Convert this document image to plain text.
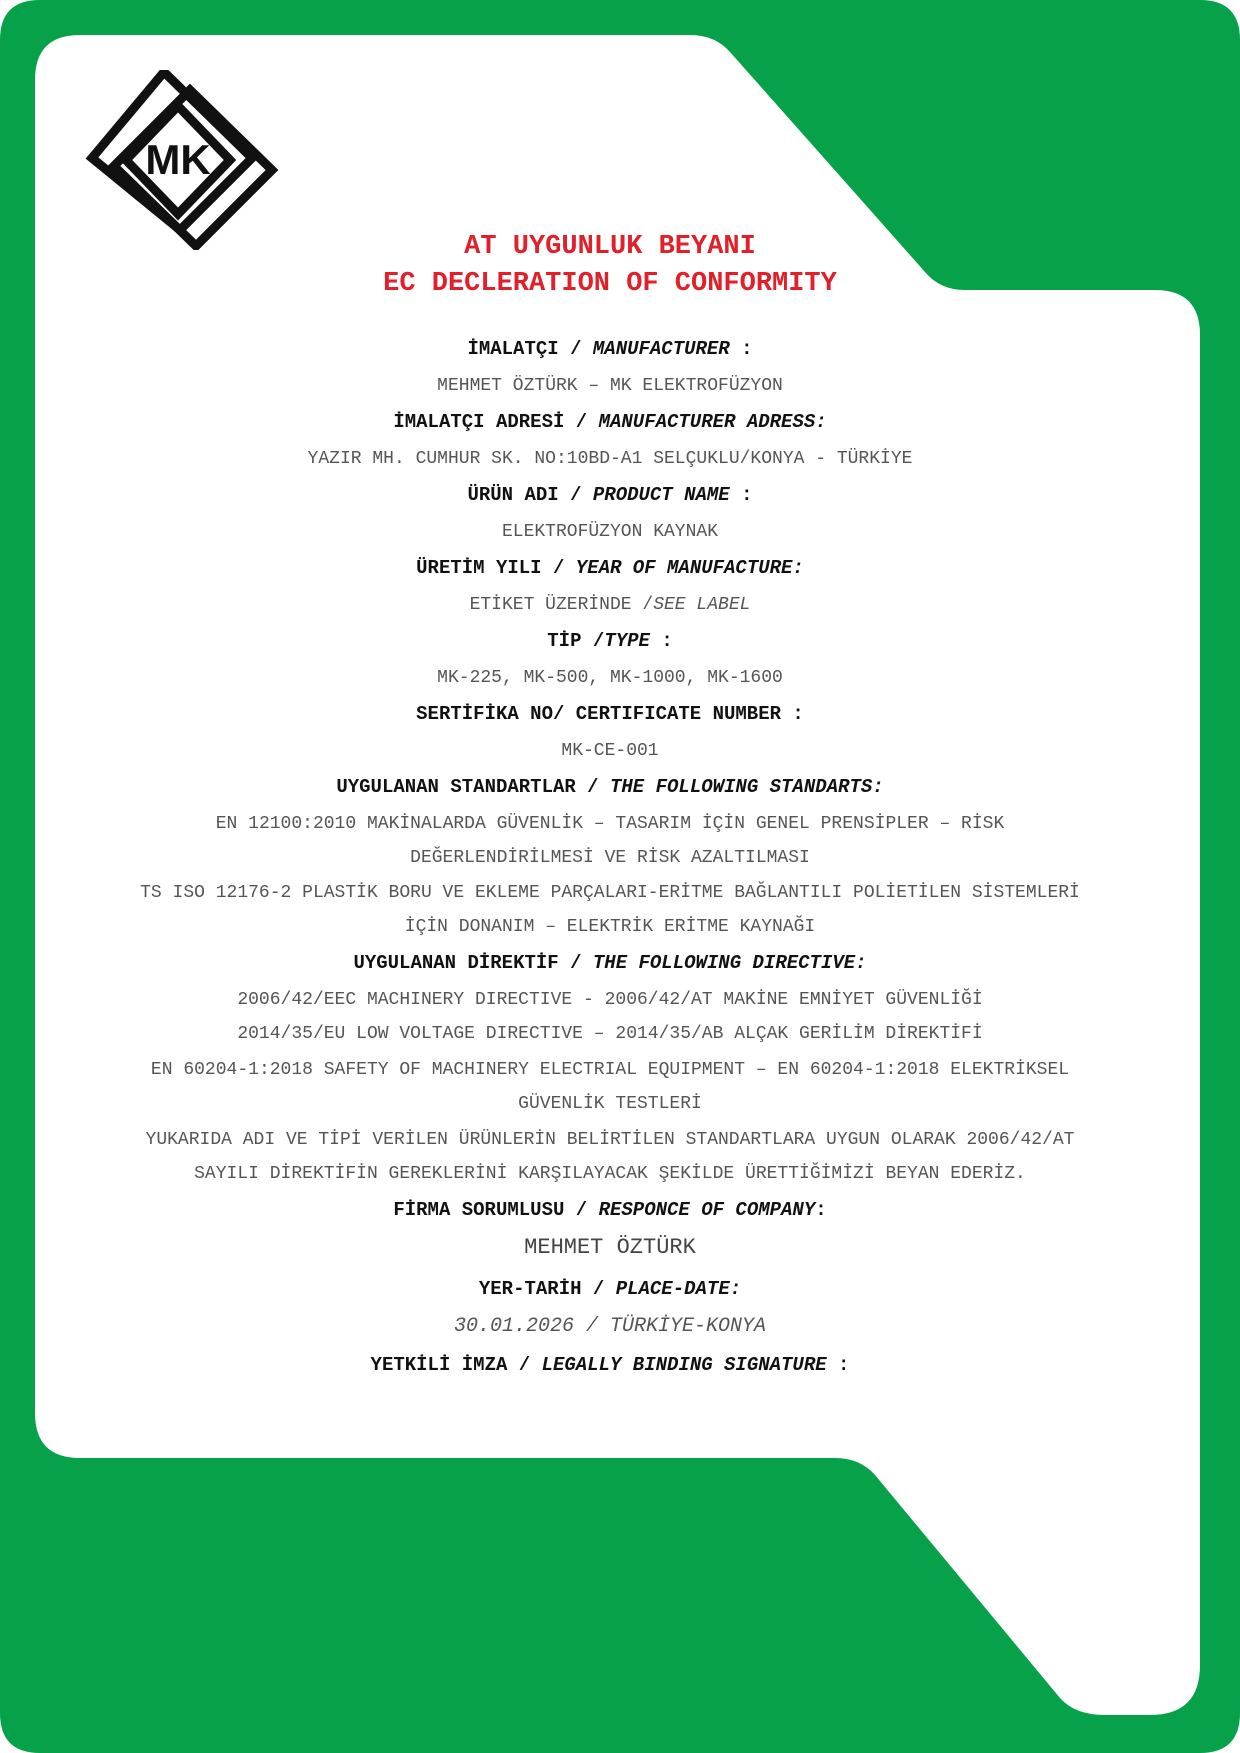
MK
AT UYGUNLUK BEYANI
EC DECLERATION OF CONFORMITY
İMALATÇI / MANUFACTURER :
MEHMET ÖZTÜRK – MK ELEKTROFÜZYON
İMALATÇI ADRESİ / MANUFACTURER ADRESS:
YAZIR MH. CUMHUR SK. NO:10BD-A1 SELÇUKLU/KONYA - TÜRKİYE
ÜRÜN ADI / PRODUCT NAME :
ELEKTROFÜZYON KAYNAK
ÜRETİM YILI / YEAR OF MANUFACTURE:
ETİKET ÜZERİNDE /SEE LABEL
TİP /TYPE :
MK-225, MK-500, MK-1000, MK-1600
SERTİFİKA NO/ CERTIFICATE NUMBER :
MK-CE-001
UYGULANAN STANDARTLAR / THE FOLLOWING STANDARTS:
EN 12100:2010 MAKİNALARDA GÜVENLİK – TASARIM İÇİN GENEL PRENSİPLER – RİSK
DEĞERLENDİRİLMESİ VE RİSK AZALTILMASI
TS ISO 12176-2 PLASTİK BORU VE EKLEME PARÇALARI-ERİTME BAĞLANTILI POLİETİLEN SİSTEMLERİ
İÇİN DONANIM – ELEKTRİK ERİTME KAYNAĞI
UYGULANAN DİREKTİF / THE FOLLOWING DIRECTIVE:
2006/42/EEC MACHINERY DIRECTIVE - 2006/42/AT MAKİNE EMNİYET GÜVENLİĞİ
2014/35/EU LOW VOLTAGE DIRECTIVE – 2014/35/AB ALÇAK GERİLİM DİREKTİFİ
EN 60204-1:2018 SAFETY OF MACHINERY ELECTRIAL EQUIPMENT – EN 60204-1:2018 ELEKTRİKSEL
GÜVENLİK TESTLERİ
YUKARIDA ADI VE TİPİ VERİLEN ÜRÜNLERİN BELİRTİLEN STANDARTLARA UYGUN OLARAK 2006/42/AT
SAYILI DİREKTİFİN GEREKLERİNİ KARŞILAYACAK ŞEKİLDE ÜRETTİĞİMİZİ BEYAN EDERİZ.
FİRMA SORUMLUSU / RESPONCE OF COMPANY:
MEHMET ÖZTÜRK
YER-TARİH / PLACE-DATE:
30.01.2026 / TÜRKİYE-KONYA
YETKİLİ İMZA / LEGALLY BINDING SIGNATURE :
